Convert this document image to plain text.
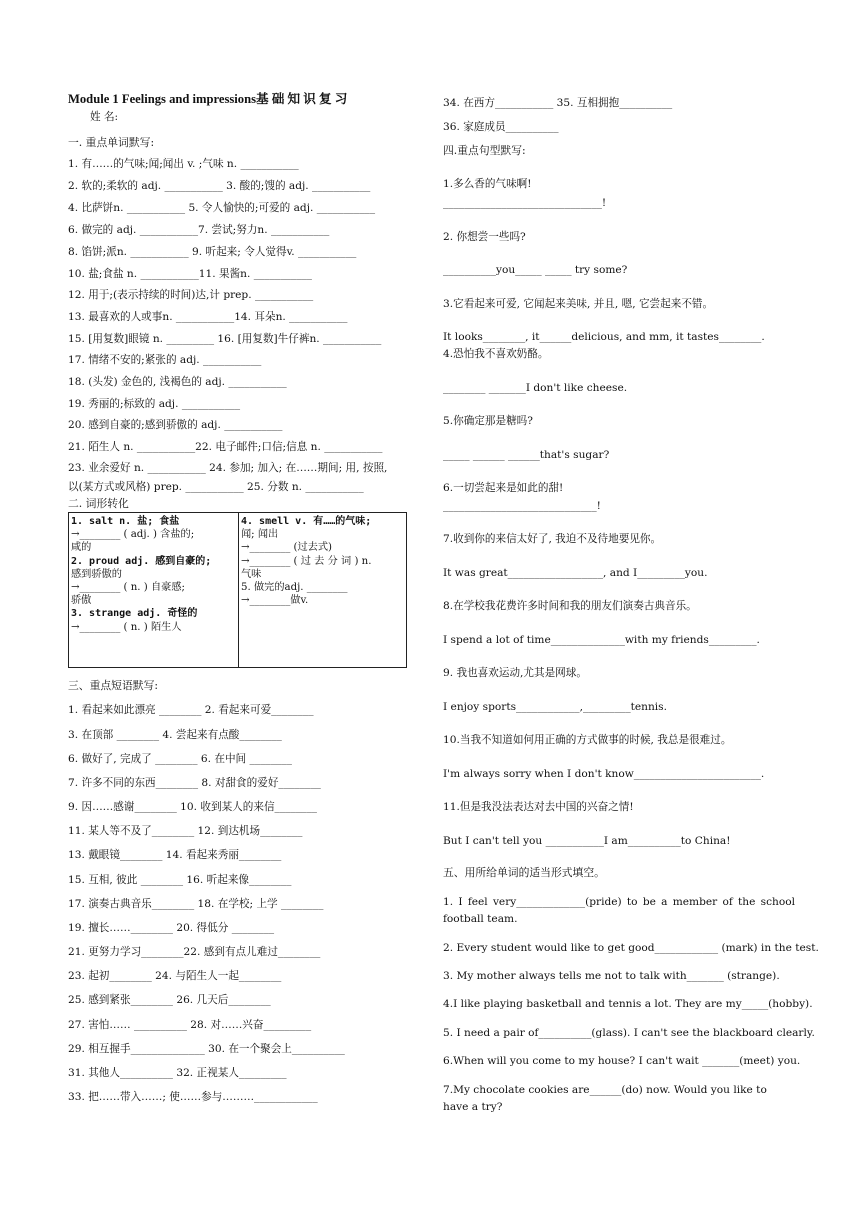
Module 1 Feelings and impressions基 础 知 识 复 习
姓 名:
一. 重点单词默写:
1. 有……的气味;闻;闻出 v. ;气味 n. ___________
2. 软的;柔软的 adj. ___________ 3. 酸的;馊的 adj. ___________
4. 比萨饼n. ___________ 5. 令人愉快的;可爱的 adj. ___________
6. 做完的 adj. ___________7. 尝试;努力n. ___________
8. 馅饼;派n. ___________ 9. 听起来; 令人觉得v. ___________
10. 盐;食盐 n. ___________11. 果酱n. ___________
12. 用于;(表示持续的时间)达,计 prep. ___________
13. 最喜欢的人或事n. ___________14. 耳朵n. ___________
15. [用复数]眼镜 n. _________ 16. [用复数]牛仔裤n. ___________
17. 情绪不安的;紧张的 adj. ___________
18. (头发) 金色的, 浅褐色的 adj. ___________
19. 秀丽的;标致的 adj. ___________
20. 感到自豪的;感到骄傲的 adj. ___________
21. 陌生人 n. ___________22. 电子邮件;口信;信息 n. ___________
23. 业余爱好 n. ___________ 24. 参加; 加入; 在……期间; 用, 按照,
以(某方式或风格) prep. ___________ 25. 分数 n. ___________
二. 词形转化
1. salt n. 盐; 食盐
→________ ( adj. ) 含盐的;
咸的
2. proud adj. 感到自豪的;
感到骄傲的
→________ ( n. ) 自豪感;
骄傲
3. strange adj. 奇怪的
→________ ( n. ) 陌生人

4. smell v. 有……的气味;
闻; 闻出
→________ (过去式)
→________ ( 过 去 分 词 ) n.
气味
5. 做完的adj. ________
→________做v.
三、重点短语默写:
1. 看起来如此漂亮 ________ 2. 看起来可爱________
3. 在顶部 ________ 4. 尝起来有点酸________
6. 做好了, 完成了 ________ 6. 在中间 ________
7. 许多不同的东西________ 8. 对甜食的爱好________
9. 因……感谢________ 10. 收到某人的来信________
11. 某人等不及了________ 12. 到达机场________
13. 戴眼镜________ 14. 看起来秀丽________
15. 互相, 彼此 ________ 16. 听起来像________
17. 演奏古典音乐________ 18. 在学校; 上学 ________
19. 擅长……________ 20. 得低分 ________
21. 更努力学习________22. 感到有点儿难过________
23. 起初________ 24. 与陌生人一起________
25. 感到紧张________ 26. 几天后________
27. 害怕…… __________ 28. 对……兴奋_________
29. 相互握手______________ 30. 在一个聚会上__________
31. 其他人__________ 32. 正视某人_________
33. 把……带入……; 使……参与………____________
34. 在西方___________ 35. 互相拥抱__________
36. 家庭成员__________
四.重点句型默写:
1.多么香的气味啊!
______________________________!
2. 你想尝一些吗?
__________you_____ _____ try some?
3.它看起来可爱, 它闻起来美味, 并且, 嗯, 它尝起来不错。
It looks________, it______delicious, and mm, it tastes________.
4.恐怕我不喜欢奶酪。
________ _______I don't like cheese.
5.你确定那是糖吗?
_____ ______ ______that's sugar?
6.一切尝起来是如此的甜!
_____________________________!
7.收到你的来信太好了, 我迫不及待地要见你。
It was great__________________, and I_________you.
8.在学校我花费许多时间和我的朋友们演奏古典音乐。
I spend a lot of time______________with my friends_________.
9. 我也喜欢运动,尤其是网球。
I enjoy sports____________,_________tennis.
10.当我不知道如何用正确的方式做事的时候, 我总是很难过。
I'm always sorry when I don't know________________________.
11.但是我没法表达对去中国的兴奋之情!
But I can't tell you ___________I am__________to China!
五、用所给单词的适当形式填空。
1. I feel very_____________(pride) to be a member of the school football team.
2. Every student would like to get good____________ (mark) in the test.
3. My mother always tells me not to talk with_______ (strange).
4.I like playing basketball and tennis a lot. They are my_____(hobby).
5. I need a pair of__________(glass). I can't see the blackboard clearly.
6.When will you come to my house? I can't wait _______(meet) you.
7.My chocolate cookies are______(do) now. Would you like to have a try?
